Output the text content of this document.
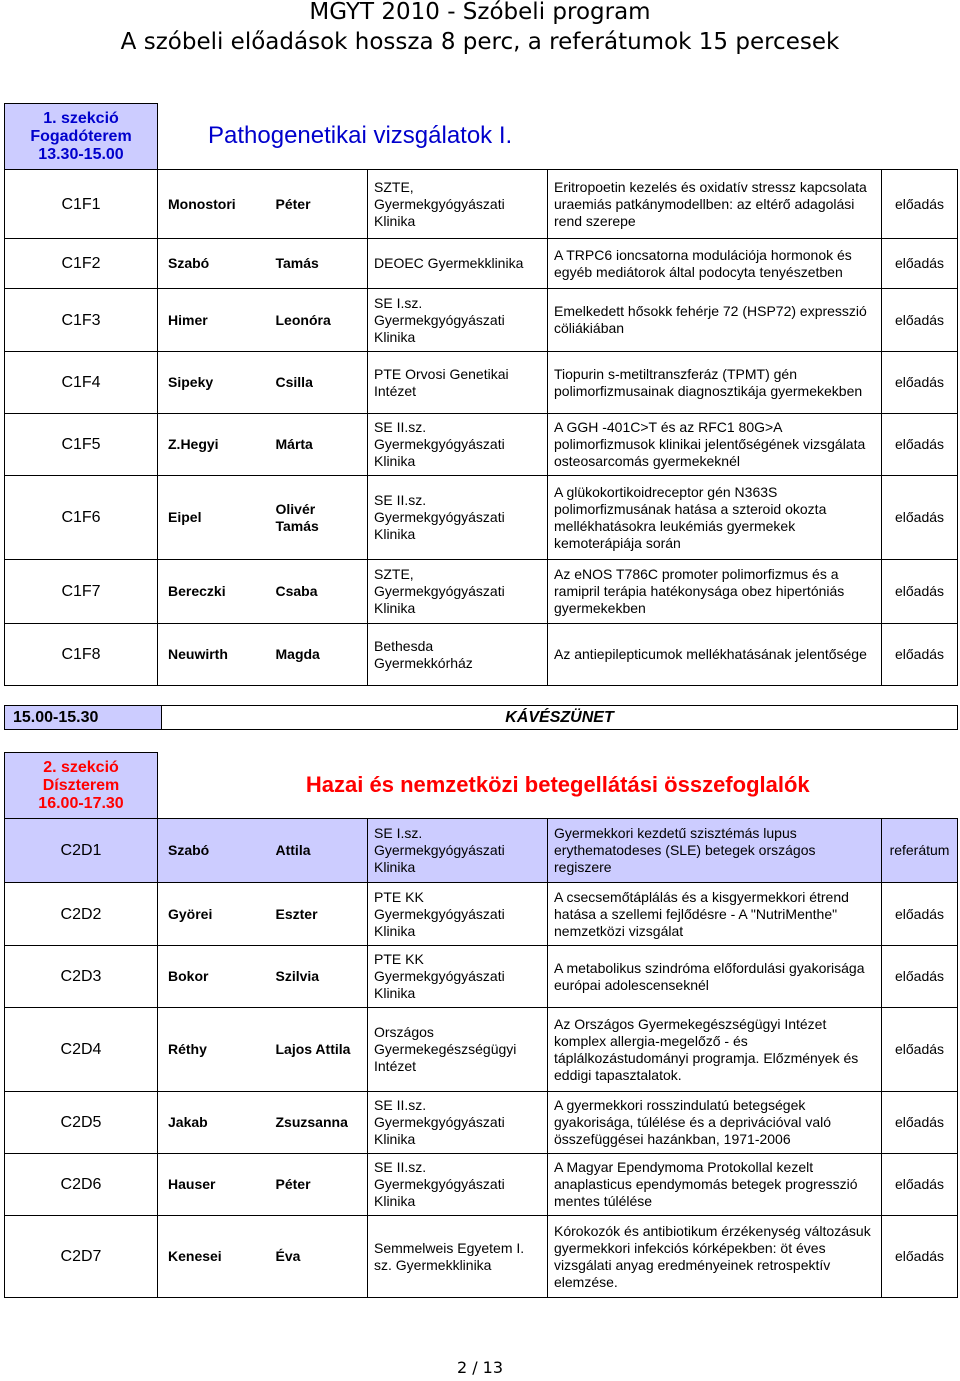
MGYT 2010 - Szóbeli program
A szóbeli előadások hossza 8 perc, a referátumok 15 percesek
1. szekció
Fogadóterem
13.30-15.00	Pathogenetikai vizsgálatok I.				
C1F1	Monostori	Péter	SZTE,
Gyermekgyógyászati
Klinika	Eritropoetin kezelés és oxidatív stressz kapcsolata uraemiás patkánymodellben: az eltérő adagolási rend szerepe	előadás
C1F2	Szabó	Tamás	DEOEC Gyermekklinika	A TRPC6 ioncsatorna modulációja hormonok és egyéb mediátorok által podocyta tenyészetben	előadás
C1F3	Himer	Leonóra	SE I.sz.
Gyermekgyógyászati
Klinika	Emelkedett hősokk fehérje 72 (HSP72) expresszió cöliákiában	előadás
C1F4	Sipeky	Csilla	PTE Orvosi Genetikai
Intézet	Tiopurin s-metiltranszferáz (TPMT) gén polimorfizmusainak diagnosztikája gyermekekben	előadás
C1F5	Z.Hegyi	Márta	SE II.sz.
Gyermekgyógyászati
Klinika	A GGH -401C>T és az RFC1 80G>A polimorfizmusok klinikai jelentőségének vizsgálata osteosarcomás gyermekeknél	előadás
C1F6	Eipel	Olivér
Tamás	SE II.sz.
Gyermekgyógyászati
Klinika	A glükokortikoidreceptor gén N363S polimorfizmusának hatása a szteroid okozta mellékhatásokra leukémiás gyermekek kemoterápiája során	előadás
C1F7	Bereczki	Csaba	SZTE,
Gyermekgyógyászati
Klinika	Az eNOS T786C promoter polimorfizmus és a ramipril terápia hatékonysága obez hipertóniás gyermekekben	előadás
C1F8	Neuwirth	Magda	Bethesda
Gyermekkórház	Az antiepilepticumok mellékhatásának jelentősége	előadás
15.00-15.30	KÁVÉSZÜNET
2. szekció
Díszterem
16.00-17.30	Hazai és nemzetközi betegellátási összefoglalók				
C2D1	Szabó	Attila	SE I.sz.
Gyermekgyógyászati
Klinika	Gyermekkori kezdetű szisztémás lupus erythematodeses (SLE) betegek országos regiszere	referátum
C2D2	Györei	Eszter	PTE KK
Gyermekgyógyászati
Klinika	A csecsemőtáplálás és a kisgyermekkori étrend hatása a szellemi fejlődésre - A "NutriMenthe" nemzetközi vizsgálat	előadás
C2D3	Bokor	Szilvia	PTE KK
Gyermekgyógyászati
Klinika	A metabolikus szindróma előfordulási gyakorisága európai adolescenseknél	előadás
C2D4	Réthy	Lajos Attila	Országos
Gyermekegészségügyi
Intézet	Az Országos Gyermekegészségügyi Intézet komplex allergia-megelőző - és táplálkozástudományi programja. Előzmények és eddigi tapasztalatok.	előadás
C2D5	Jakab	Zsuzsanna	SE II.sz.
Gyermekgyógyászati
Klinika	A gyermekkori rosszindulatú betegségek gyakorisága, túlélése és a deprivációval való összefüggései hazánkban, 1971-2006	előadás
C2D6	Hauser	Péter	SE II.sz.
Gyermekgyógyászati
Klinika	A Magyar Ependymoma Protokollal kezelt anaplasticus ependymomás betegek progresszió mentes túlélése	előadás
C2D7	Kenesei	Éva	Semmelweis Egyetem I.
sz. Gyermekklinika	Kórokozók és antibiotikum érzékenység változásuk gyermekkori infekciós kórképekben: öt éves vizsgálati anyag eredményeinek retrospektív elemzése.	előadás
2 / 13
